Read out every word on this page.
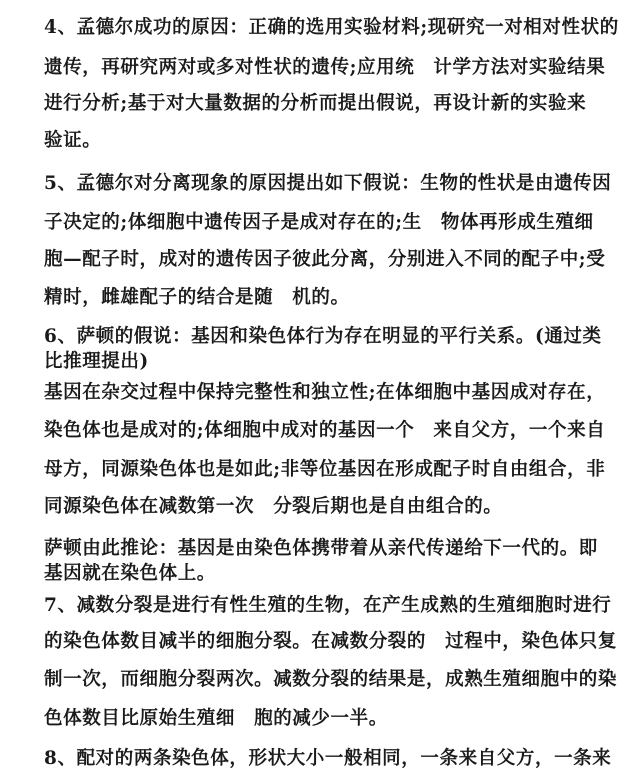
4、孟德尔成功的原因：正确的选用实验材料;现研究一对相对性状的
遗传，再研究两对或多对性状的遗传;应用统　计学方法对实验结果
进行分析;基于对大量数据的分析而提出假说，再设计新的实验来
验证。
5、孟德尔对分离现象的原因提出如下假说：生物的性状是由遗传因
子决定的;体细胞中遗传因子是成对存在的;生　物体再形成生殖细
胞—配子时，成对的遗传因子彼此分离，分别进入不同的配子中;受
精时，雌雄配子的结合是随　机的。
6、萨顿的假说：基因和染色体行为存在明显的平行关系。(通过类
比推理提出)
基因在杂交过程中保持完整性和独立性;在体细胞中基因成对存在，
染色体也是成对的;体细胞中成对的基因一个　来自父方，一个来自
母方，同源染色体也是如此;非等位基因在形成配子时自由组合，非
同源染色体在减数第一次　分裂后期也是自由组合的。
萨顿由此推论：基因是由染色体携带着从亲代传递给下一代的。即
基因就在染色体上。
7、减数分裂是进行有性生殖的生物，在产生成熟的生殖细胞时进行
的染色体数目减半的细胞分裂。在减数分裂的　过程中，染色体只复
制一次，而细胞分裂两次。减数分裂的结果是，成熟生殖细胞中的染
色体数目比原始生殖细　胞的减少一半。
8、配对的两条染色体，形状大小一般相同，一条来自父方，一条来
